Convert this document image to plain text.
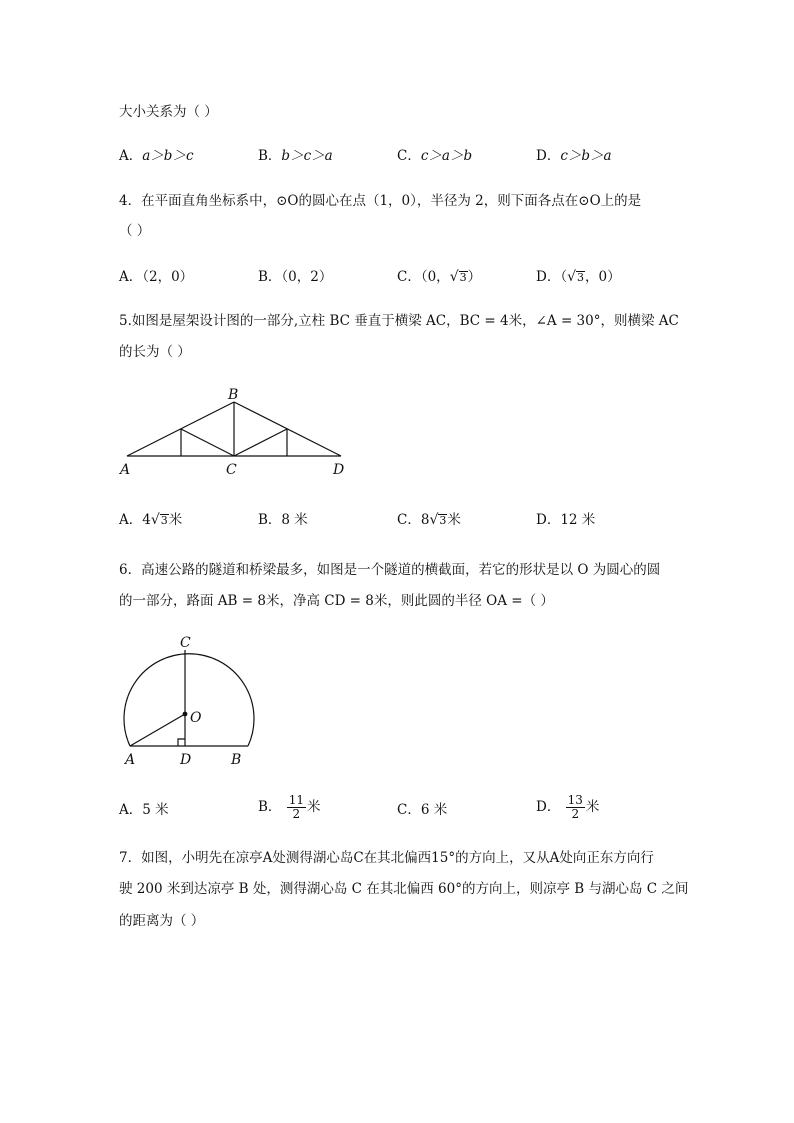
大小关系为（ ）
A．a＞b＞c	B．b＞c＞a	C．c＞a＞b	D．c＞b＞a
4．在平面直角坐标系中，⊙O的圆心在点（1，0），半径为 2，则下面各点在⊙O上的是
（ ）
A．（2，0）	B．（0，2）	C．（0，√3）	D．（√3，0）
5.如图是屋架设计图的一部分,立柱 BC 垂直于横梁 AC，BC = 4米，∠A = 30°，则横梁 AC
的长为（ ）
B
A	C	D
A．4√3米	B．8 米	C．8√3米	D．12 米
6．高速公路的隧道和桥梁最多，如图是一个隧道的横截面，若它的形状是以 O 为圆心的圆
的一部分，路面 AB = 8米，净高 CD = 8米，则此圆的半径 OA =（ ）
C
O
A	D	B
A．5 米	B． $\frac{11}{2}$ 米	C．6 米	D． $\frac{13}{2}$ 米
7．如图，小明先在凉亭A处测得湖心岛C在其北偏西15°的方向上，又从A处向正东方向行
驶 200 米到达凉亭 B 处，测得湖心岛 C 在其北偏西 60°的方向上，则凉亭 B 与湖心岛 C 之间
的距离为（ ）
